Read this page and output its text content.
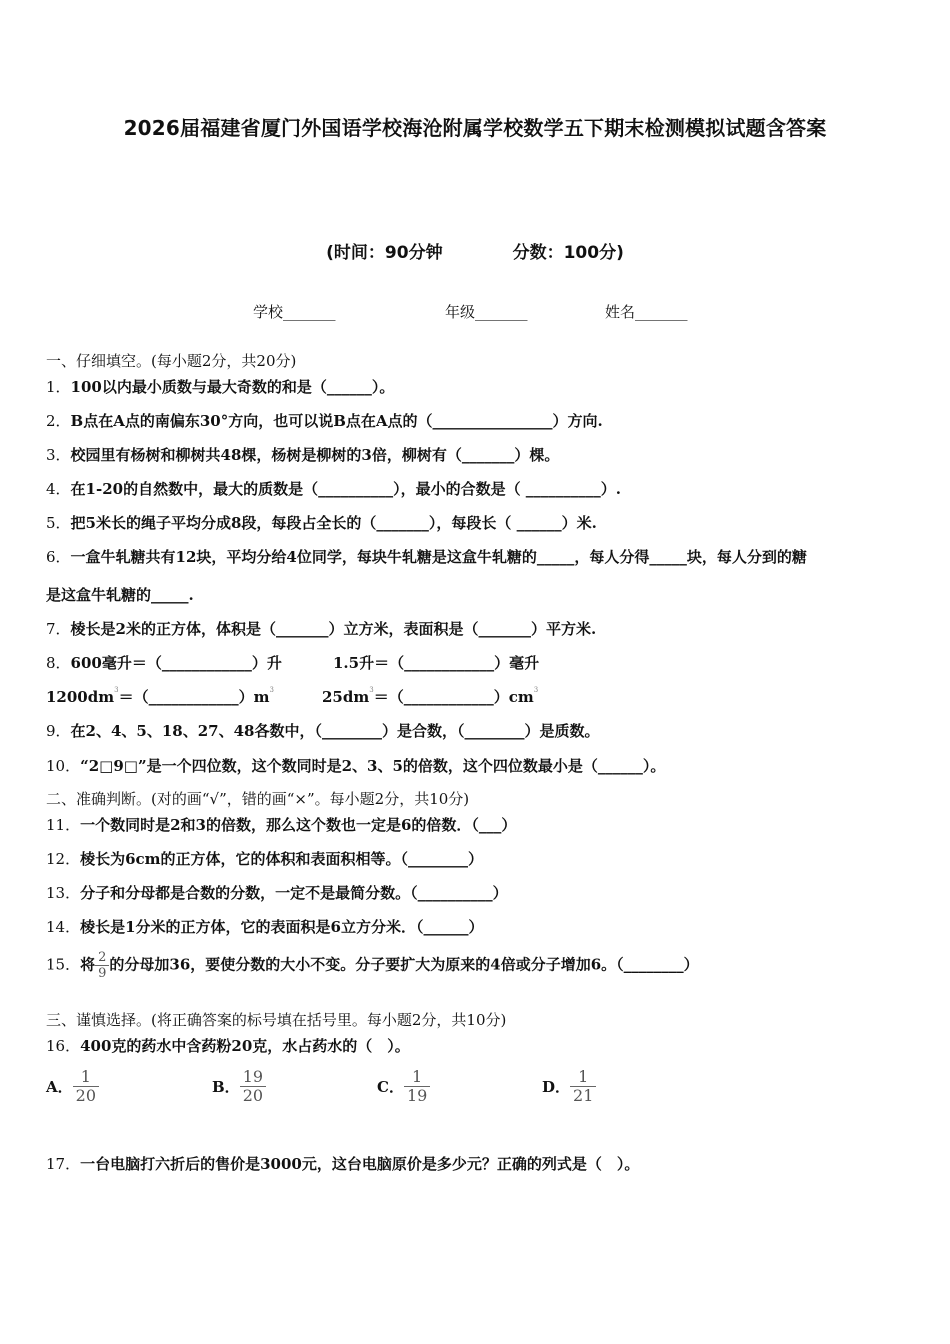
2026届福建省厦门外国语学校海沧附属学校数学五下期末检测模拟试题含答案
(时间：90分钟	分数：100分)
学校_______	年级_______	姓名_______
一、仔细填空。(每小题2分，共20分)
1．100以内最小质数与最大奇数的和是（______）。
2．B点在A点的南偏东30°方向，也可以说B点在A点的（________________）方向.
3．校园里有杨树和柳树共48棵，杨树是柳树的3倍，柳树有（_______）棵。
4．在1-20的自然数中，最大的质数是（__________），最小的合数是（ __________）.
5．把5米长的绳子平均分成8段，每段占全长的（_______），每段长（ ______）米.
6．一盒牛轧糖共有12块，平均分给4位同学，每块牛轧糖是这盒牛轧糖的_____，每人分得_____块，每人分到的糖
是这盒牛轧糖的_____.
7．棱长是2米的正方体，体积是（_______）立方米，表面积是（_______）平方米.
8．600毫升＝（____________）升	1.5升＝（____________）毫升
$1200dm^3=(\_\_\_\_\_\_\_\_\_\_\_\_)m^3$	$25dm^3=(\_\_\_\_\_\_\_\_\_\_\_\_)cm^3$
9．在2、4、5、18、27、48各数中，（________）是合数，（________）是质数。
10．“2□9□”是一个四位数，这个数同时是2、3、5的倍数，这个四位数最小是（______）。
二、准确判断。(对的画“√”，错的画“×”。每小题2分，共10分)
11．一个数同时是2和3的倍数，那么这个数也一定是6的倍数．（___）
12．棱长为6cm的正方体，它的体积和表面积相等。（________）
13．分子和分母都是合数的分数，一定不是最简分数。（__________）
14．棱长是1分米的正方体，它的表面积是6立方分米．（______）
15．将 $\frac{2}{9}$ 的分母加36，要使分数的大小不变。分子要扩大为原来的4倍或分子增加6。（________）
三、谨慎选择。(将正确答案的标号填在括号里。每小题2分，共10分)
16．400克的药水中含药粉20克，水占药水的（　）。
A． $\frac{1}{20}$	B． $\frac{19}{20}$	C． $\frac{1}{19}$	D． $\frac{1}{21}$
17．一台电脑打六折后的售价是3000元，这台电脑原价是多少元？正确的列式是（　）。
